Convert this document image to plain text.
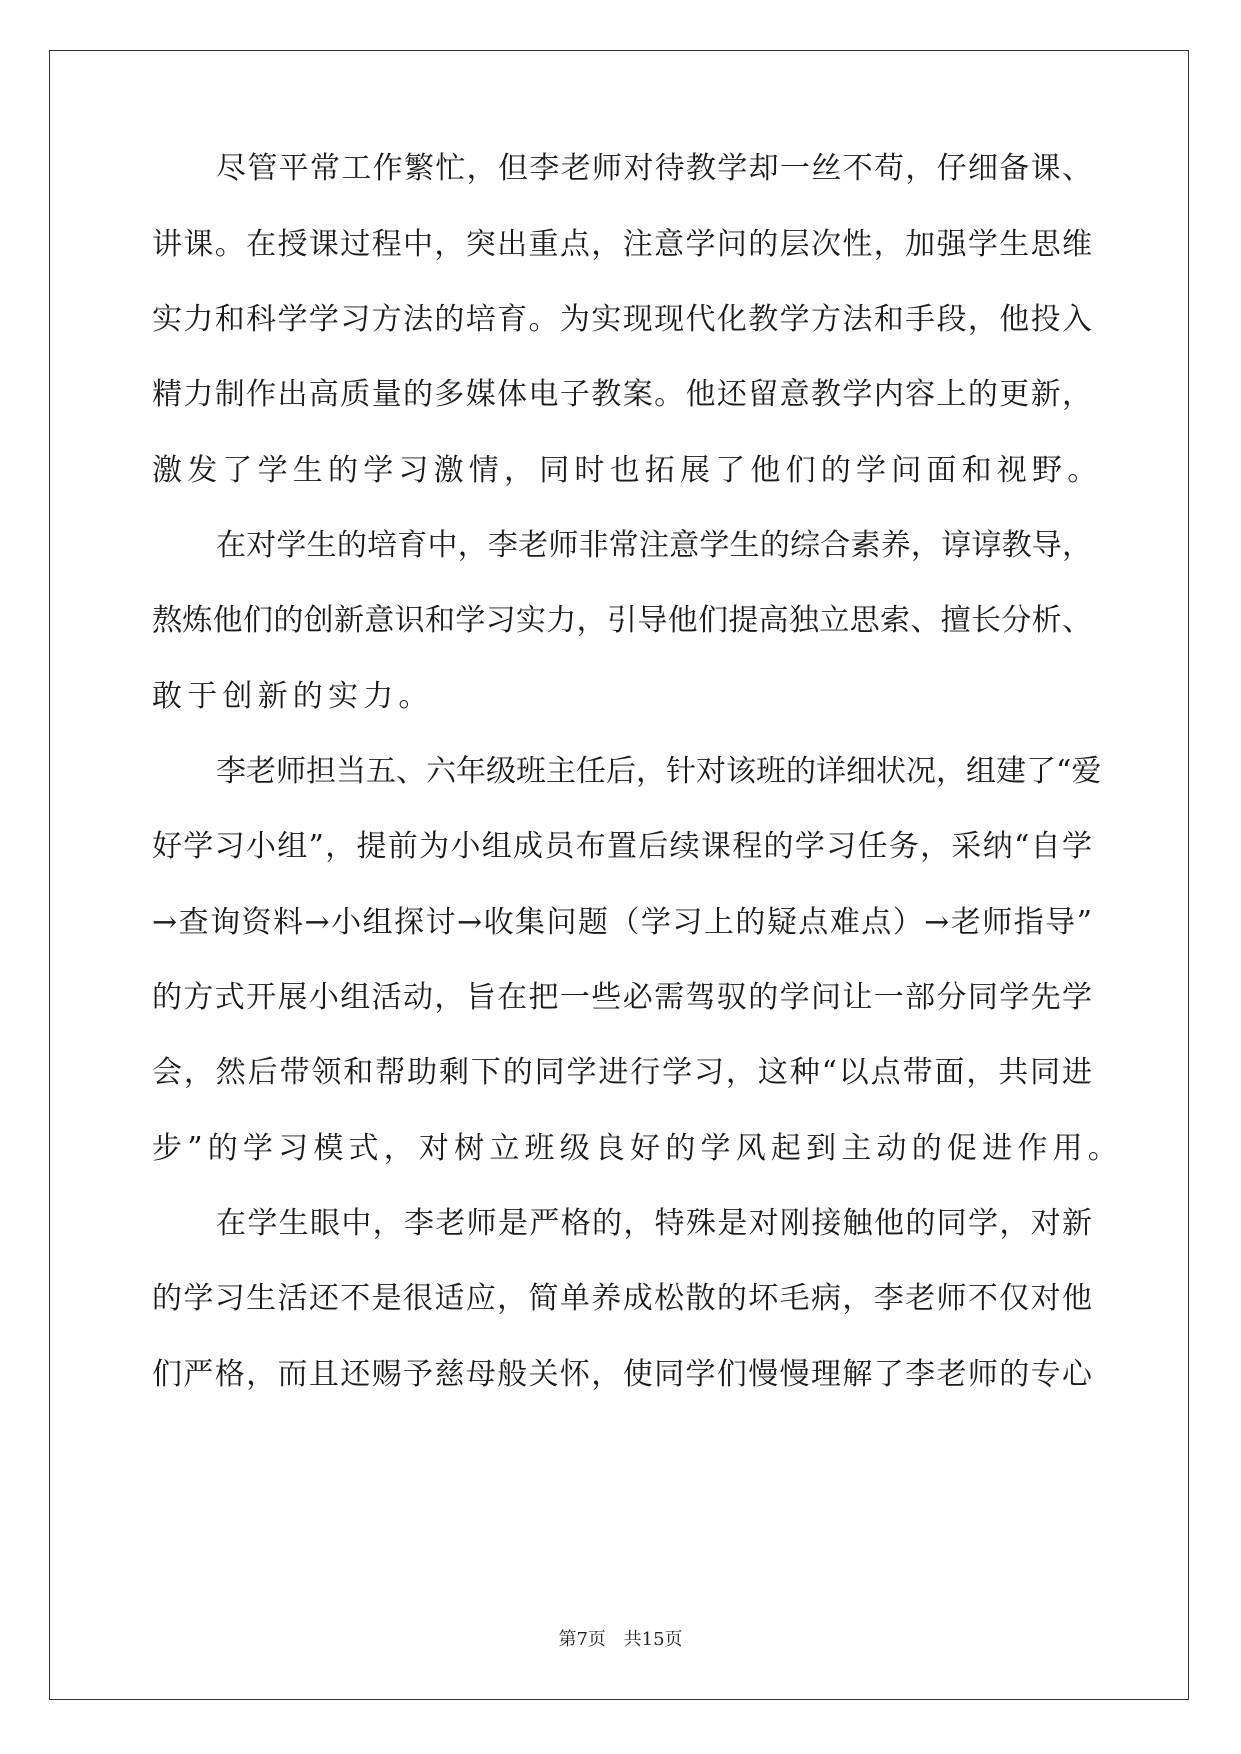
尽管平常工作繁忙，但李老师对待教学却一丝不苟，仔细备课、
讲课。在授课过程中，突出重点，注意学问的层次性，加强学生思维
实力和科学学习方法的培育。为实现现代化教学方法和手段，他投入
精力制作出高质量的多媒体电子教案。他还留意教学内容上的更新，
激发了学生的学习激情，同时也拓展了他们的学问面和视野。
在对学生的培育中，李老师非常注意学生的综合素养，谆谆教导，
熬炼他们的创新意识和学习实力，引导他们提高独立思索、擅长分析、
敢于创新的实力。
李老师担当五、六年级班主任后，针对该班的详细状况，组建了“爱
好学习小组”，提前为小组成员布置后续课程的学习任务，采纳“自学
→查询资料→小组探讨→收集问题（学习上的疑点难点）→老师指导”
的方式开展小组活动，旨在把一些必需驾驭的学问让一部分同学先学
会，然后带领和帮助剩下的同学进行学习，这种“以点带面，共同进
步”的学习模式，对树立班级良好的学风起到主动的促进作用。
在学生眼中，李老师是严格的，特殊是对刚接触他的同学，对新
的学习生活还不是很适应，简单养成松散的坏毛病，李老师不仅对他
们严格，而且还赐予慈母般关怀，使同学们慢慢理解了李老师的专心
第7页 共15页
